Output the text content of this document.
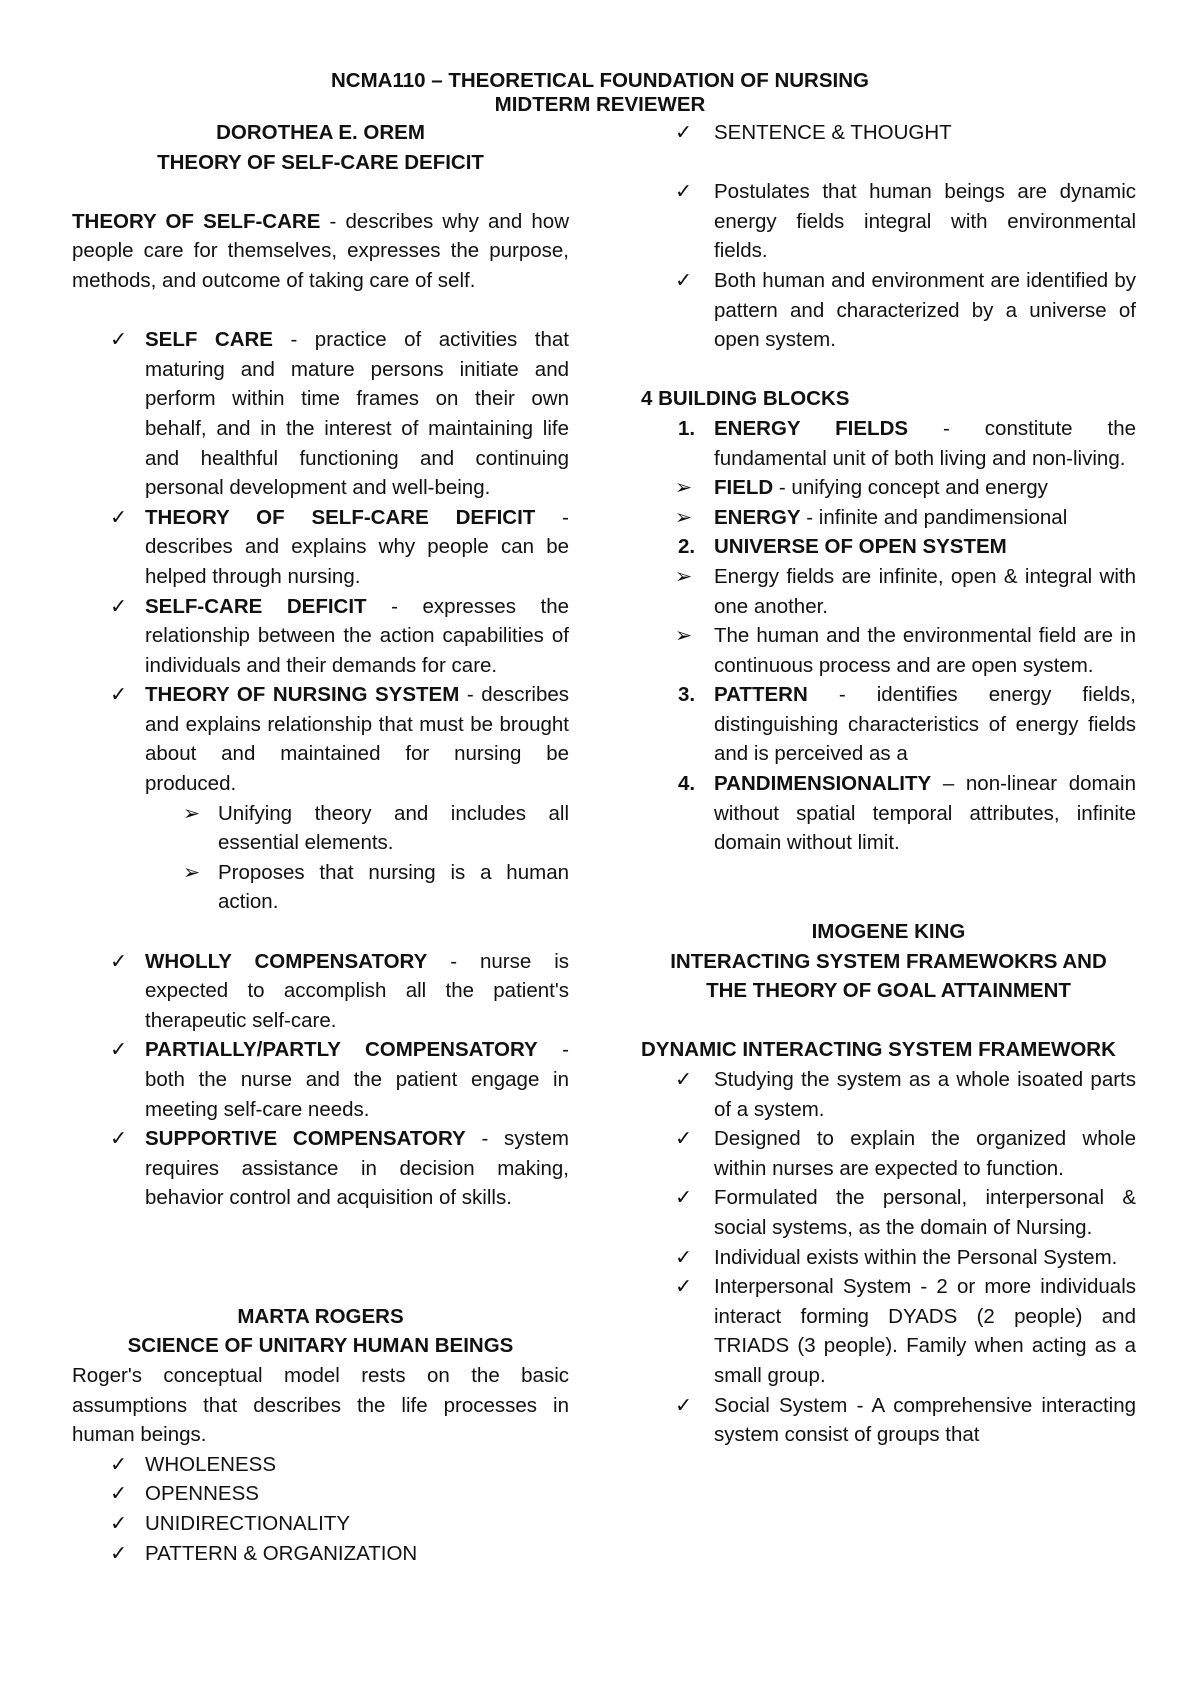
NCMA110 – THEORETICAL FOUNDATION OF NURSING
MIDTERM REVIEWER

DOROTHEA E. OREM

THEORY OF SELF-CARE DEFICIT

THEORY OF SELF-CARE - describes why and how people care for themselves, expresses the purpose, methods, and outcome of taking care of self.

✓ SELF CARE - practice of activities that maturing and mature persons initiate and perform within time frames on their own behalf, and in the interest of maintaining life and healthful functioning and continuing personal development and well-being.
✓ THEORY OF SELF-CARE DEFICIT - describes and explains why people can be helped through nursing.
✓ SELF-CARE DEFICIT - expresses the relationship between the action capabilities of individuals and their demands for care.
✓ THEORY OF NURSING SYSTEM - describes and explains relationship that must be brought about and maintained for nursing be produced.
➢ Unifying theory and includes all essential elements.
➢ Proposes that nursing is a human action.
✓ WHOLLY COMPENSATORY - nurse is expected to accomplish all the patient's therapeutic self-care.
✓ PARTIALLY/PARTLY COMPENSATORY - both the nurse and the patient engage in meeting self-care needs.
✓ SUPPORTIVE COMPENSATORY - system requires assistance in decision making, behavior control and acquisition of skills.

MARTA ROGERS

SCIENCE OF UNITARY HUMAN BEINGS

Roger's conceptual model rests on the basic assumptions that describes the life processes in human beings.

✓ WHOLENESS
✓ OPENNESS
✓ UNIDIRECTIONALITY
✓ PATTERN & ORGANIZATION
✓ SENTENCE & THOUGHT
✓ Postulates that human beings are dynamic energy fields integral with environmental fields.
✓ Both human and environment are identified by pattern and characterized by a universe of open system.

4 BUILDING BLOCKS

1. ENERGY FIELDS - constitute the fundamental unit of both living and non-living.
➢ FIELD - unifying concept and energy
➢ ENERGY - infinite and pandimensional
2. UNIVERSE OF OPEN SYSTEM
➢ Energy fields are infinite, open & integral with one another.
➢ The human and the environmental field are in continuous process and are open system.
3. PATTERN - identifies energy fields, distinguishing characteristics of energy fields and is perceived as a
4. PANDIMENSIONALITY – non-linear domain without spatial temporal attributes, infinite domain without limit.

IMOGENE KING

INTERACTING SYSTEM FRAMEWOKRS AND

THE THEORY OF GOAL ATTAINMENT

DYNAMIC INTERACTING SYSTEM FRAMEWORK

✓ Studying the system as a whole isoated parts of a system.
✓ Designed to explain the organized whole within nurses are expected to function.
✓ Formulated the personal, interpersonal & social systems, as the domain of Nursing.
✓ Individual exists within the Personal System.
✓ Interpersonal System - 2 or more individuals interact forming DYADS (2 people) and TRIADS (3 people). Family when acting as a small group.
✓ Social System - A comprehensive interacting system consist of groups that
